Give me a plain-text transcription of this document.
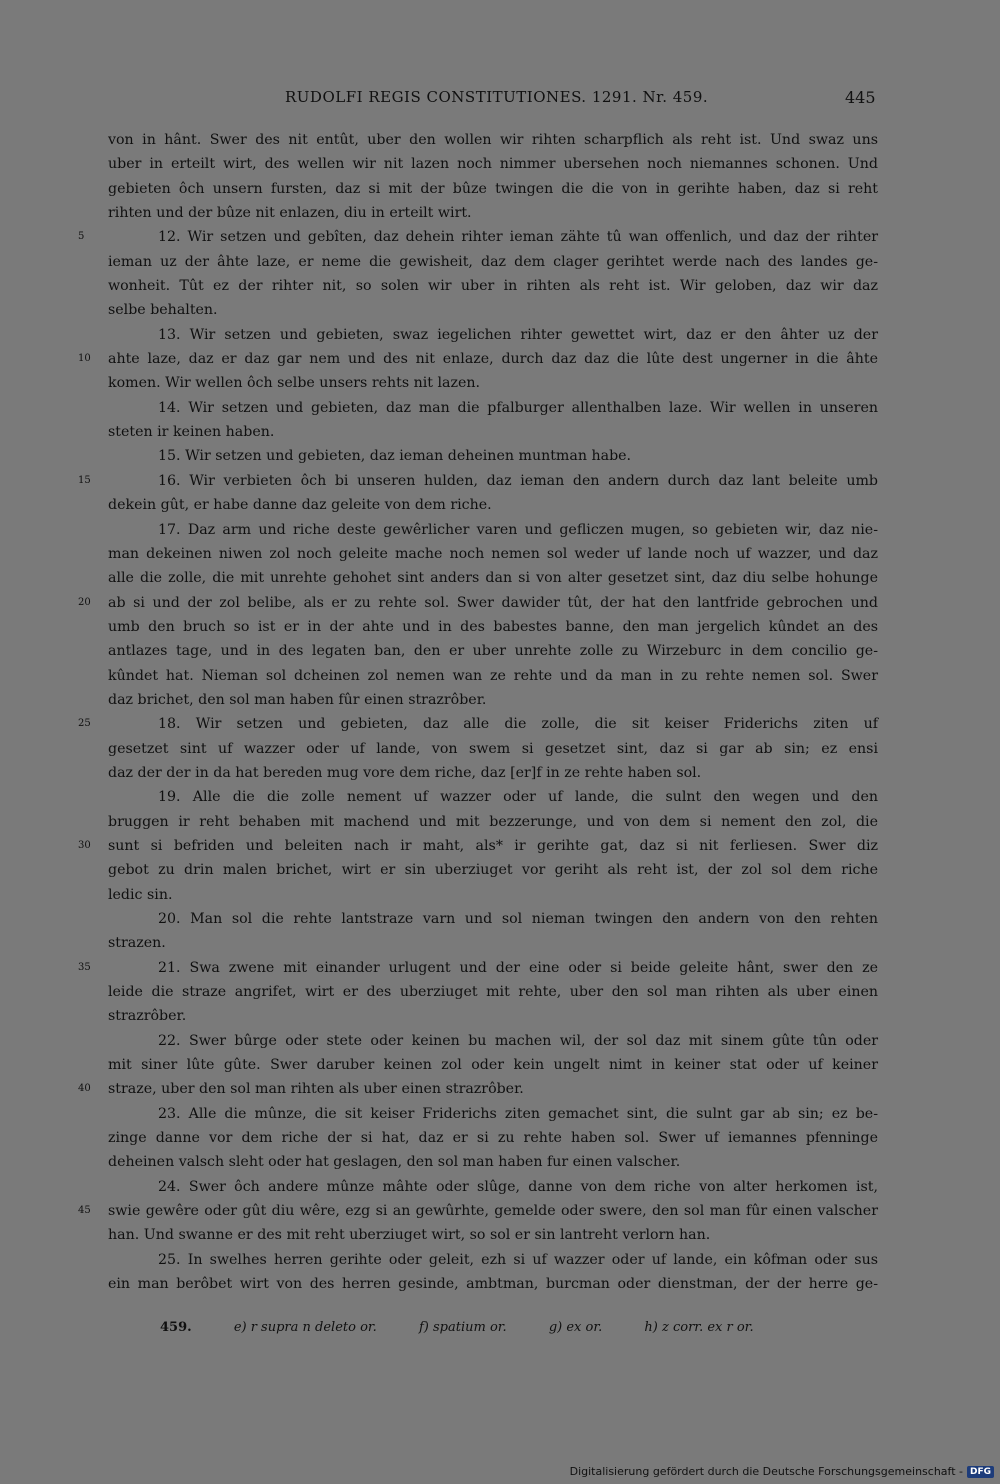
RUDOLFI REGIS CONSTITUTIONES. 1291. Nr. 459.	445
von in hânt. Swer des nit entût, uber den wollen wir rihten scharpflich als reht ist. Und swaz uns
uber in erteilt wirt, des wellen wir nit lazen noch nimmer ubersehen noch niemannes schonen. Und
gebieten ôch unsern fursten, daz si mit der bûze twingen die die von in gerihte haben, daz si reht
rihten und der bûze nit enlazen, diu in erteilt wirt.
5	12. Wir setzen und gebîten, daz dehein rihter ieman zähte tû wan offenlich, und daz der rihter
ieman uz der âhte laze, er neme die gewisheit, daz dem clager gerihtet werde nach des landes ge-
wonheit. Tût ez der rihter nit, so solen wir uber in rihten als reht ist. Wir geloben, daz wir daz
selbe behalten.
13. Wir setzen und gebieten, swaz iegelichen rihter gewettet wirt, daz er den âhter uz der
10	ahte laze, daz er daz gar nem und des nit enlaze, durch daz daz die lûte dest ungerner in die âhte
komen. Wir wellen ôch selbe unsers rehts nit lazen.
14. Wir setzen und gebieten, daz man die pfalburger allenthalben laze. Wir wellen in unseren
steten ir keinen haben.
15. Wir setzen und gebieten, daz ieman deheinen muntman habe.
15	16. Wir verbieten ôch bi unseren hulden, daz ieman den andern durch daz lant beleite umb
dekein gût, er habe danne daz geleite von dem riche.
17. Daz arm und riche deste gewêrlicher varen und gefliczen mugen, so gebieten wir, daz nie-
man dekeinen niwen zol noch geleite mache noch nemen sol weder uf lande noch uf wazzer, und daz
alle die zolle, die mit unrehte gehohet sint anders dan si von alter gesetzet sint, daz diu selbe hohunge
20	ab si und der zol belibe, als er zu rehte sol. Swer dawider tût, der hat den lantfride gebrochen und
umb den bruch so ist er in der ahte und in des babestes banne, den man jergelich kûndet an des
antlazes tage, und in des legaten ban, den er uber unrehte zolle zu Wirzeburc in dem concilio ge-
kûndet hat. Nieman sol dcheinen zol nemen wan ze rehte und da man in zu rehte nemen sol. Swer
daz brichet, den sol man haben fûr einen strazrôber.
25	18. Wir setzen und gebieten, daz alle die zolle, die sit keiser Friderichs ziten uf
gesetzet sint uf wazzer oder uf lande, von swem si gesetzet sint, daz si gar ab sin; ez ensi
daz der der in da hat bereden mug vore dem riche, daz [er]f in ze rehte haben sol.
19. Alle die die zolle nement uf wazzer oder uf lande, die sulnt den wegen und den
bruggen ir reht behaben mit machend und mit bezzerunge, und von dem si nement den zol, die
30	sunt si befriden und beleiten nach ir maht, als* ir gerihte gat, daz si nit ferliesen. Swer diz
gebot zu drin malen brichet, wirt er sin uberziuget vor geriht als reht ist, der zol sol dem riche
ledic sin.
20. Man sol die rehte lantstraze varn und sol nieman twingen den andern von den rehten
strazen.
35	21. Swa zwene mit einander urlugent und der eine oder si beide geleite hânt, swer den ze
leide die straze angrifet, wirt er des uberziuget mit rehte, uber den sol man rihten als uber einen
strazrôber.
22. Swer bûrge oder stete oder keinen bu machen wil, der sol daz mit sinem gûte tûn oder
mit siner lûte gûte. Swer daruber keinen zol oder kein ungelt nimt in keiner stat oder uf keiner
40	straze, uber den sol man rihten als uber einen strazrôber.
23. Alle die mûnze, die sit keiser Friderichs ziten gemachet sint, die sulnt gar ab sin; ez be-
zinge danne vor dem riche der si hat, daz er si zu rehte haben sol. Swer uf iemannes pfenninge
deheinen valsch sleht oder hat geslagen, den sol man haben fur einen valscher.
24. Swer ôch andere mûnze mâhte oder slûge, danne von dem riche von alter herkomen ist,
45	swie gewêre oder gût diu wêre, ezg si an gewûrhte, gemelde oder swere, den sol man fûr einen valscher
han. Und swanne er des mit reht uberziuget wirt, so sol er sin lantreht verlorn han.
25. In swelhes herren gerihte oder geleit, ezh si uf wazzer oder uf lande, ein kôfman oder sus
ein man berôbet wirt von des herren gesinde, ambtman, burcman oder dienstman, der der herre ge-
459.	e) r supra n deleto or.	f) spatium or.	g) ex or.	h) z corr. ex r or.
Digitalisierung gefördert durch die Deutsche Forschungsgemeinschaft - DFG
